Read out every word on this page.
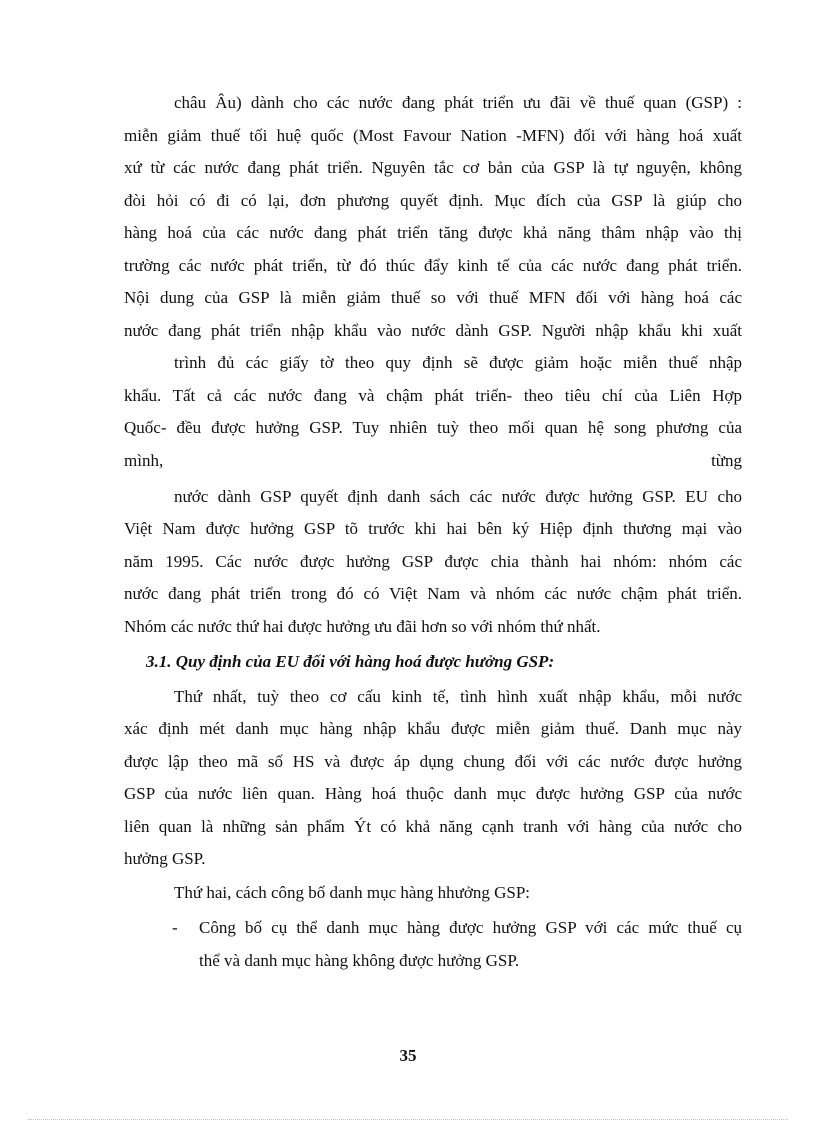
châu Âu) dành cho các nước đang phát triển ưu đãi về thuế quan (GSP) :
miễn giảm thuế tối huệ quốc (Most Favour Nation -MFN) đối với hàng hoá xuất
xứ từ các nước đang phát triển. Nguyên tắc cơ bản của GSP là tự nguyện, không
đòi hỏi có đi có lại, đơn phương quyết định. Mục đích của GSP là giúp cho
hàng hoá của các nước đang phát triển tăng được khả năng thâm nhập vào thị
trường các nước phát triển, từ đó thúc đẩy kinh tế của các nước đang phát triển.
Nội dung của GSP là miễn giảm thuế so với thuế MFN đối với hàng hoá các
nước đang phát triển nhập khẩu vào nước dành GSP. Người nhập khẩu khi xuất
trình đủ các giấy tờ theo quy định sẽ được giảm hoặc miễn thuế nhập
khẩu. Tất cả các nước đang và chậm phát triển- theo tiêu chí của Liên Hợp
Quốc- đều được hưởng GSP. Tuy nhiên tuỳ theo mối quan hệ song phương của
mình,	từng
nước dành GSP quyết định danh sách các nước được hưởng GSP. EU cho
Việt Nam được hưởng GSP tõ trước khi hai bên ký Hiệp định thương mại vào
năm 1995. Các nước được hưởng GSP được chia thành hai nhóm: nhóm các
nước đang phát triển trong đó có Việt Nam và nhóm các nước chậm phát triển.
Nhóm các nước thứ hai được hưởng ưu đãi hơn so với nhóm thứ nhất.
3.1. Quy định của EU đối với hàng hoá được hưởng GSP:
Thứ nhất, tuỳ theo cơ cấu kinh tế, tình hình xuất nhập khẩu, mỗi nước
xác định mét danh mục hàng nhập khẩu được miễn giảm thuế. Danh mục này
được lập theo mã số HS và được áp dụng chung đối với các nước được hưởng
GSP của nước liên quan. Hàng hoá thuộc danh mục được hưởng GSP của nước
liên quan là những sản phẩm Ýt có khả năng cạnh tranh với hàng của nước cho
hưởng GSP.
Thứ hai, cách công bố danh mục hàng hhưởng GSP:
- Công bố cụ thể danh mục hàng được hưởng GSP với các mức thuế cụ
thể và danh mục hàng không được hưởng GSP.
35
